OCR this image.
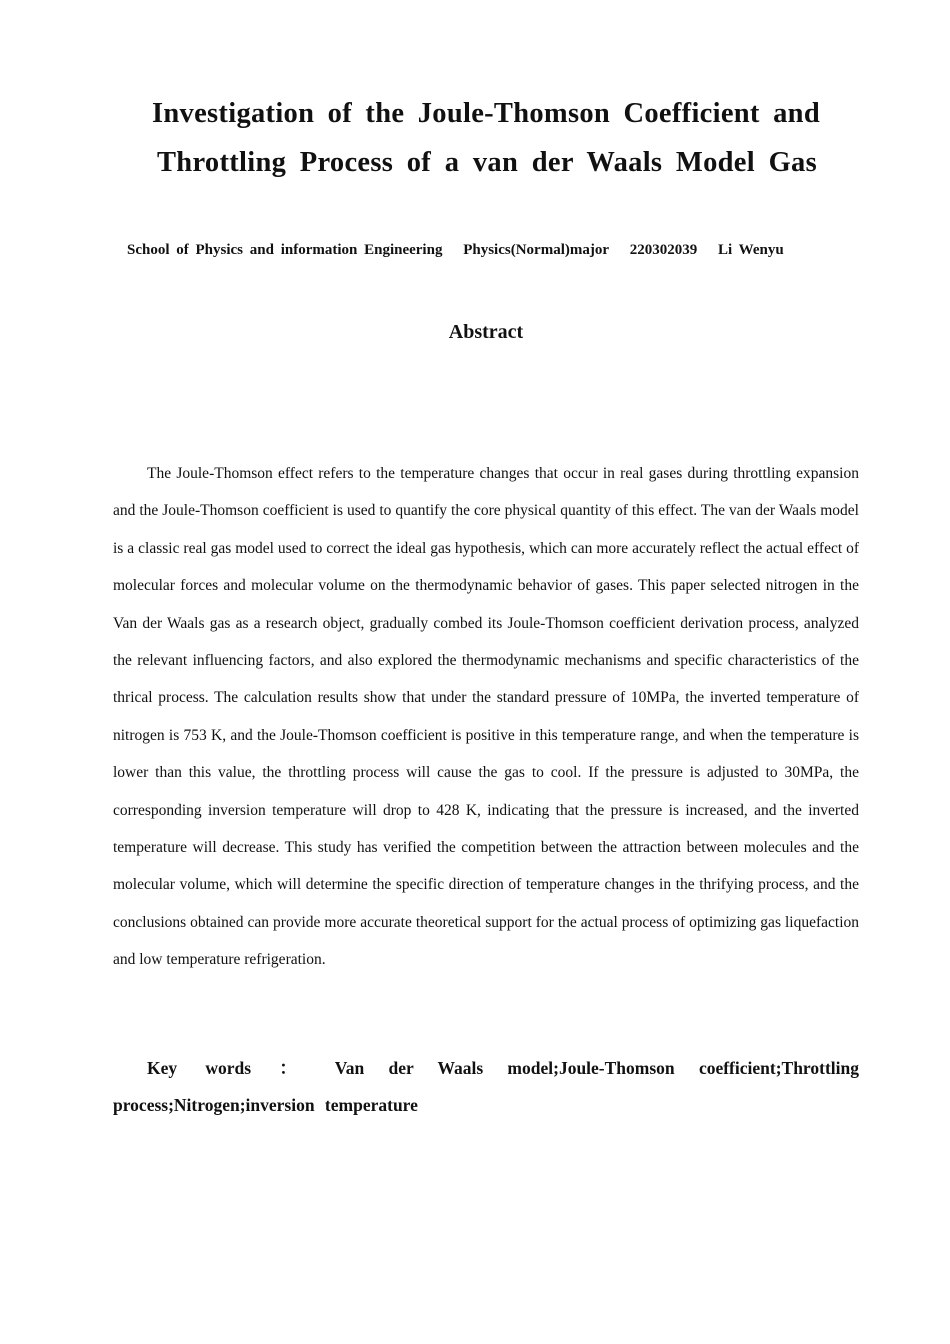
Investigation of the Joule-Thomson Coefficient and
Throttling Process of a van der Waals Model Gas
School of Physics and information Engineering Physics(Normal)major 220302039 Li Wenyu
Abstract
The Joule-Thomson effect refers to the temperature changes that occur in real gases during throttling expansion and the Joule-Thomson coefficient is used to quantify the core physical quantity of this effect. The van der Waals model is a classic real gas model used to correct the ideal gas hypothesis, which can more accurately reflect the actual effect of molecular forces and molecular volume on the thermodynamic behavior of gases. This paper selected nitrogen in the Van der Waals gas as a research object, gradually combed its Joule-Thomson coefficient derivation process, analyzed the relevant influencing factors, and also explored the thermodynamic mechanisms and specific characteristics of the thrical process. The calculation results show that under the standard pressure of 10MPa, the inverted temperature of nitrogen is 753 K, and the Joule-Thomson coefficient is positive in this temperature range, and when the temperature is lower than this value, the throttling process will cause the gas to cool. If the pressure is adjusted to 30MPa, the corresponding inversion temperature will drop to 428 K, indicating that the pressure is increased, and the inverted temperature will decrease. This study has verified the competition between the attraction between molecules and the molecular volume, which will determine the specific direction of temperature changes in the thrifying process, and the conclusions obtained can provide more accurate theoretical support for the actual process of optimizing gas liquefaction and low temperature refrigeration.
Key words ： Van der Waals model;Joule-Thomson coefficient;Throttling process;Nitrogen;inversion temperature
